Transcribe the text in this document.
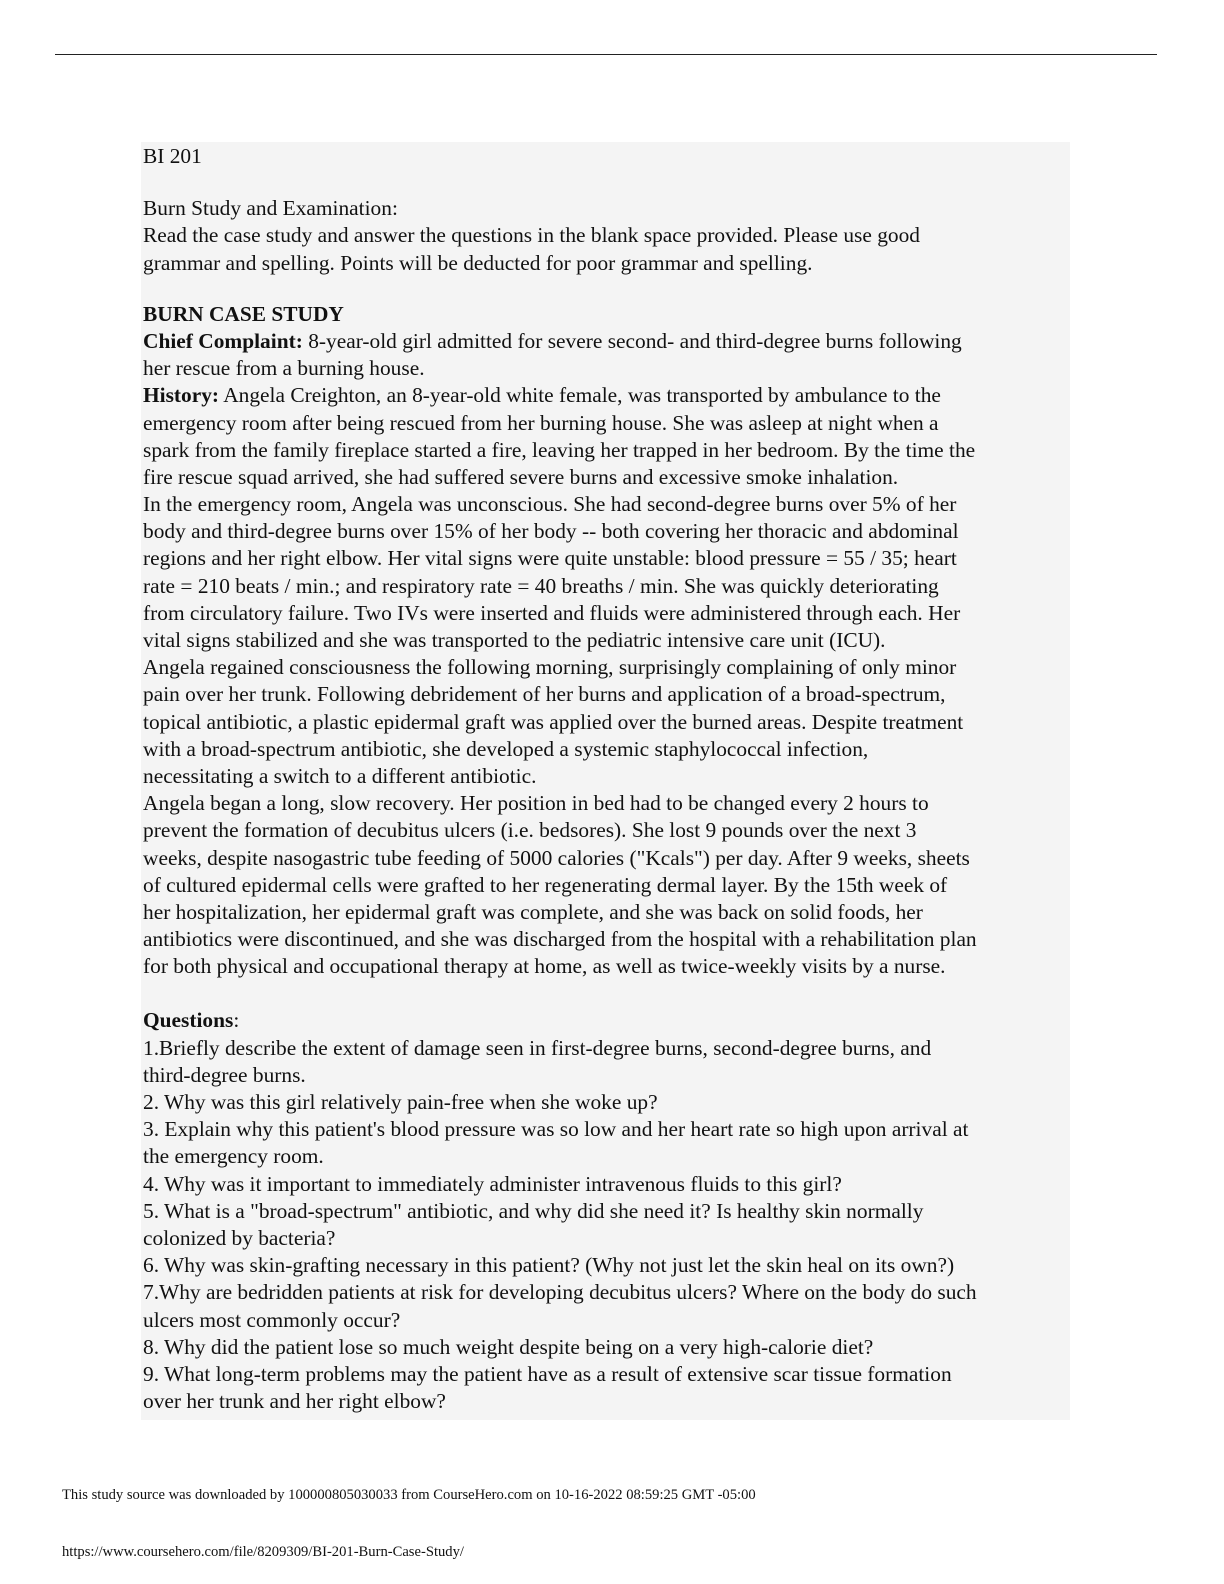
BI 201
Burn Study and Examination:
Read the case study and answer the questions in the blank space provided. Please use good
grammar and spelling. Points will be deducted for poor grammar and spelling.
BURN CASE STUDY
Chief Complaint: 8-year-old girl admitted for severe second- and third-degree burns following
her rescue from a burning house.
History: Angela Creighton, an 8-year-old white female, was transported by ambulance to the
emergency room after being rescued from her burning house. She was asleep at night when a
spark from the family fireplace started a fire, leaving her trapped in her bedroom. By the time the
fire rescue squad arrived, she had suffered severe burns and excessive smoke inhalation.
In the emergency room, Angela was unconscious. She had second-degree burns over 5% of her
body and third-degree burns over 15% of her body -- both covering her thoracic and abdominal
regions and her right elbow. Her vital signs were quite unstable: blood pressure = 55 / 35; heart
rate = 210 beats / min.; and respiratory rate = 40 breaths / min. She was quickly deteriorating
from circulatory failure. Two IVs were inserted and fluids were administered through each. Her
vital signs stabilized and she was transported to the pediatric intensive care unit (ICU).
Angela regained consciousness the following morning, surprisingly complaining of only minor
pain over her trunk. Following debridement of her burns and application of a broad-spectrum,
topical antibiotic, a plastic epidermal graft was applied over the burned areas. Despite treatment
with a broad-spectrum antibiotic, she developed a systemic staphylococcal infection,
necessitating a switch to a different antibiotic.
Angela began a long, slow recovery. Her position in bed had to be changed every 2 hours to
prevent the formation of decubitus ulcers (i.e. bedsores). She lost 9 pounds over the next 3
weeks, despite nasogastric tube feeding of 5000 calories ("Kcals") per day. After 9 weeks, sheets
of cultured epidermal cells were grafted to her regenerating dermal layer. By the 15th week of
her hospitalization, her epidermal graft was complete, and she was back on solid foods, her
antibiotics were discontinued, and she was discharged from the hospital with a rehabilitation plan
for both physical and occupational therapy at home, as well as twice-weekly visits by a nurse.
Questions:
1.Briefly describe the extent of damage seen in first-degree burns, second-degree burns, and
third-degree burns.
2. Why was this girl relatively pain-free when she woke up?
3. Explain why this patient's blood pressure was so low and her heart rate so high upon arrival at
the emergency room.
4. Why was it important to immediately administer intravenous fluids to this girl?
5. What is a "broad-spectrum" antibiotic, and why did she need it? Is healthy skin normally
colonized by bacteria?
6. Why was skin-grafting necessary in this patient? (Why not just let the skin heal on its own?)
7.Why are bedridden patients at risk for developing decubitus ulcers? Where on the body do such
ulcers most commonly occur?
8. Why did the patient lose so much weight despite being on a very high-calorie diet?
9. What long-term problems may the patient have as a result of extensive scar tissue formation
over her trunk and her right elbow?
This study source was downloaded by 100000805030033 from CourseHero.com on 10-16-2022 08:59:25 GMT -05:00
https://www.coursehero.com/file/8209309/BI-201-Burn-Case-Study/
